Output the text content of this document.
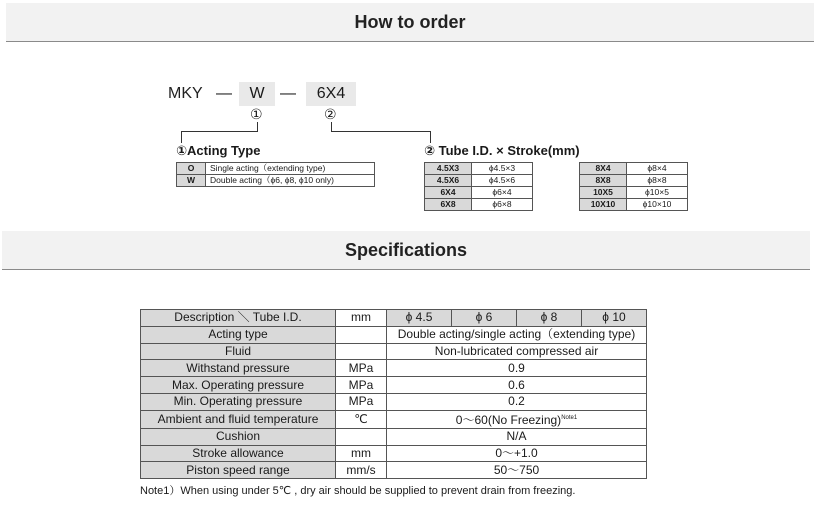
How to order
MKY —	W —	6X4
①	②
①Acting Type
O	Single acting（extending type)
W	Double acting（ϕ6, ϕ8, ϕ10 only)
② Tube I.D. × Stroke(mm)
4.5X3	ϕ4.5×3		8X4	ϕ8×4
4.5X6	ϕ4.5×6		8X8	ϕ8×8
6X4	ϕ6×4		10X5	ϕ10×5
6X8	ϕ6×8		10X10	ϕ10×10
Specifications
Description ＼ Tube I.D.	mm	ϕ 4.5	ϕ 6	ϕ 8	ϕ 10
Acting type		Double acting/single acting（extending type)			
Fluid		Non-lubricated compressed air			
Withstand pressure	MPa	0.9			
Max. Operating pressure	MPa	0.6			
Min. Operating pressure	MPa	0.2			
Ambient and fluid temperature	℃	0～60(No Freezing)$^{Note1}$
Cushion		N/A			
Stroke allowance	mm	0～+1.0			
Piston speed range	mm/s	50～750			
Note1）When using under 5℃ , dry air should be supplied to prevent drain from freezing.
